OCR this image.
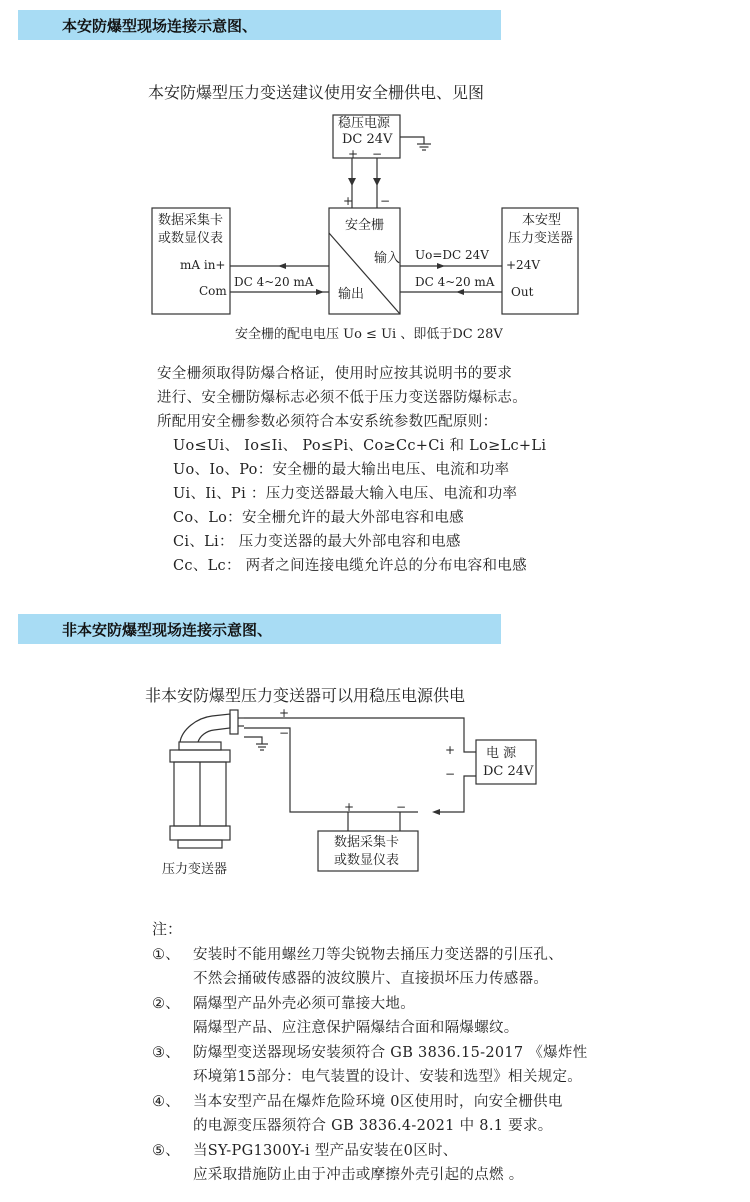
本安防爆型现场连接示意图、
本安防爆型压力变送建议使用安全栅供电、见图
稳压电源
DC 24V
+ −
+ −
安全栅
输入
输出
数据采集卡
或数显仪表
mA in+
Com
本安型
压力变送器
+24V
Out
Uo=DC 24V
DC 4~20 mA	DC 4~20 mA
安全栅的配电电压 Uo ≤ Ui 、即低于DC 28V
安全栅须取得防爆合格证，使用时应按其说明书的要求
进行、安全栅防爆标志必须不低于压力变送器防爆标志。
所配用安全栅参数必须符合本安系统参数匹配原则：
Uo≤Ui、 Io≤Ii、 Po≤Pi、Co≥Cc+Ci 和 Lo≥Lc+Li
Uo、Io、Po：安全栅的最大输出电压、电流和功率
Ui、Ii、Pi ：压力变送器最大输入电压、电流和功率
Co、Lo：安全栅允许的最大外部电容和电感
Ci、Li： 压力变送器的最大外部电容和电感
Cc、Lc： 两者之间连接电缆允许总的分布电容和电感
非本安防爆型现场连接示意图、
非本安防爆型压力变送器可以用稳压电源供电
+
−
+
−
电 源
DC 24V
+	−
数据采集卡
或数显仪表
压力变送器
注：
①、 安装时不能用螺丝刀等尖锐物去捅压力变送器的引压孔、
不然会捅破传感器的波纹膜片、直接损坏压力传感器。
②、 隔爆型产品外壳必须可靠接大地。
隔爆型产品、应注意保护隔爆结合面和隔爆螺纹。
③、 防爆型变送器现场安装须符合 GB 3836.15-2017 《爆炸性
环境第15部分：电气装置的设计、安装和选型》相关规定。
④、 当本安型产品在爆炸危险环境 0区使用时，向安全栅供电
的电源变压器须符合 GB 3836.4-2021 中 8.1 要求。
⑤、 当SY-PG1300Y-i 型产品安装在0区时、
应采取措施防止由于冲击或摩擦外壳引起的点燃 。
